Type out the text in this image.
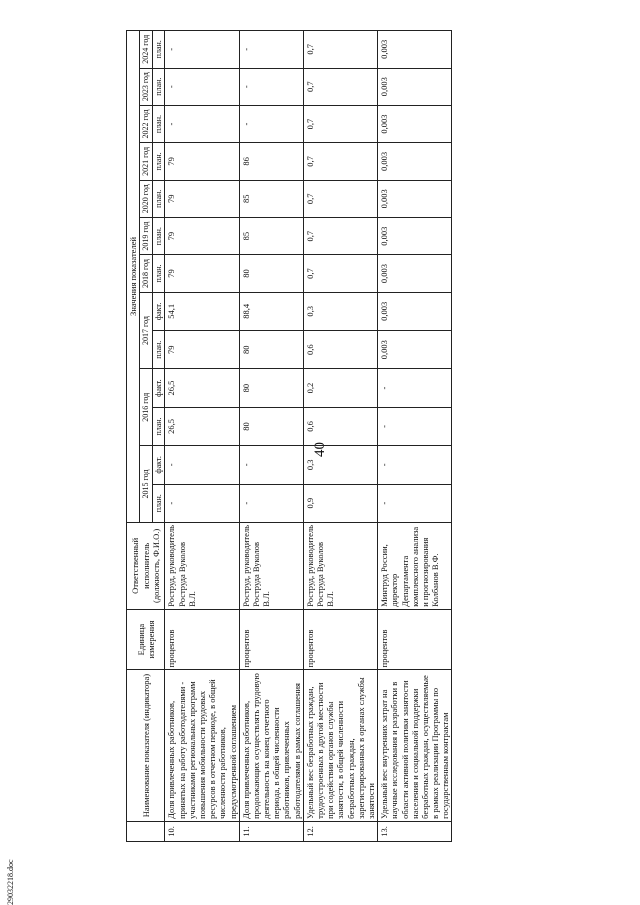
40
29032218.doc
	Наименование показателя (индикатора)	Единица измерения	Ответственный исполнитель (должность, Ф.И.О.)	Значения показателей												
				2015 год		2016 год		2017 год		2018 год	2019 год	2020 год	2021 год	2022 год	2023 год	2024 год
				план.	факт.	план.	факт.	план.	факт.	план.	план.	план.	план.	план.	план.	план.
10.	Доля привлеченных работников, принятых на работу работодателями - участниками региональных программ повышения мобильности трудовых ресурсов в отчетном периоде, в общей численности работников, предусмотренной соглашением	процентов	Роструд, руководитель Роструда Вуколов В.Л.	-	-	26,5	26,5	79	54,1	79	79	79	79	-	-	-
11.	Доля привлеченных работников, продолжающих осуществлять трудовую деятельность на конец отчетного периода, в общей численности работников, привлеченных работодателями в рамках соглашения	процентов	Роструд, руководитель Роструда Вуколов В.Л.	-	-	80	80	80	88,4	80	85	85	86	-	-	-
12.	Удельный вес безработных граждан, трудоустроенных в другой местности при содействии органов службы занятости, в общей численности безработных граждан, зарегистрированных в органах службы занятости	процентов	Роструд, руководитель Роструда Вуколов В.Л.	0,9	0,3	0,6	0,2	0,6	0,3	0,7	0,7	0,7	0,7	0,7	0,7	0,7
13.	Удельный вес внутренних затрат на научные исследования и разработки в области активной политики занятости населения и социальной поддержки безработных граждан, осуществляемые в рамках реализации Программы по государственным контрактам	процентов	Минтруд России, директор Департамента комплексного анализа и прогнозирования Колбанов В.Ф.	-	-	-	-	0,003	0,003	0,003	0,003	0,003	0,003	0,003	0,003	0,003
